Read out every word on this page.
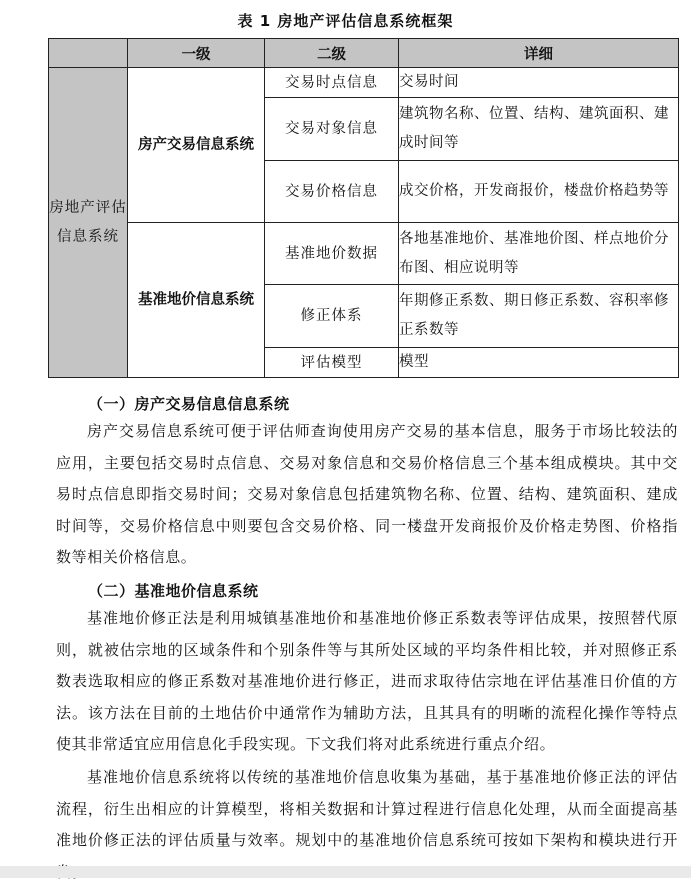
表 1 房地产评估信息系统框架
	一级	二级	详细
房地产评估信息系统	房产交易信息系统	交易时点信息	交易时间
		交易对象信息	建筑物名称、位置、结构、建筑面积、建成时间等
		交易价格信息	成交价格，开发商报价，楼盘价格趋势等
	基准地价信息系统	基准地价数据	各地基准地价、基准地价图、样点地价分布图、相应说明等
		修正体系	年期修正系数、期日修正系数、容积率修正系数等
		评估模型	模型
（一）房产交易信息信息系统

房产交易信息系统可便于评估师查询使用房产交易的基本信息，服务于市场比较法的应用，主要包括交易时点信息、交易对象信息和交易价格信息三个基本组成模块。其中交易时点信息即指交易时间；交易对象信息包括建筑物名称、位置、结构、建筑面积、建成时间等，交易价格信息中则要包含交易价格、同一楼盘开发商报价及价格走势图、价格指数等相关价格信息。

（二）基准地价信息系统

基准地价修正法是利用城镇基准地价和基准地价修正系数表等评估成果，按照替代原则，就被估宗地的区域条件和个别条件等与其所处区域的平均条件相比较，并对照修正系数表选取相应的修正系数对基准地价进行修正，进而求取待估宗地在评估基准日价值的方法。该方法在目前的土地估价中通常作为辅助方法，且其具有的明晰的流程化操作等特点使其非常适宜应用信息化手段实现。下文我们将对此系统进行重点介绍。

基准地价信息系统将以传统的基准地价信息收集为基础，基于基准地价修正法的评估流程，衍生出相应的计算模型，将相关数据和计算过程进行信息化处理，从而全面提高基准地价修正法的评估质量与效率。规划中的基准地价信息系统可按如下架构和模块进行开
